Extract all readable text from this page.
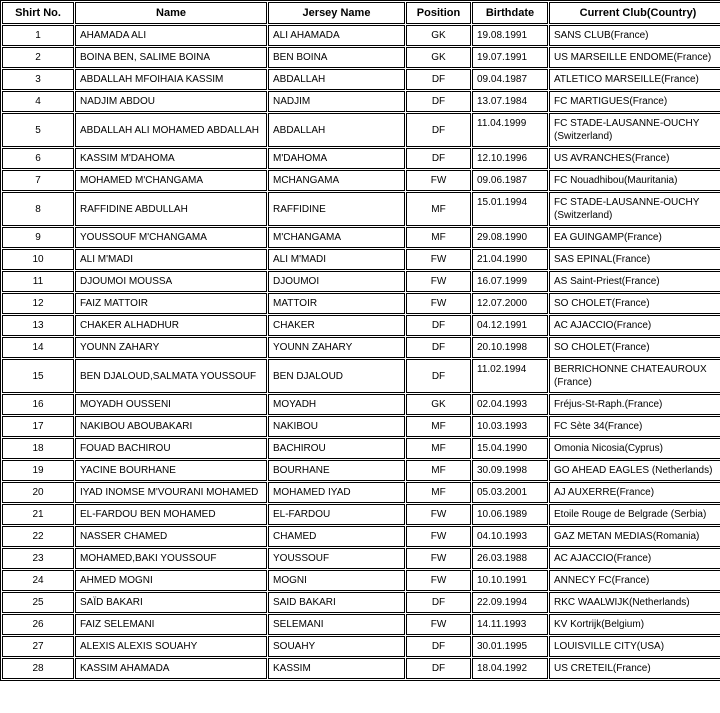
Shirt No.	Name	Jersey Name	Position	Birthdate	Current Club(Country)
1	AHAMADA ALI	ALI AHAMADA	GK	19.08.1991	SANS CLUB(France)
2	BOINA BEN, SALIME BOINA	BEN BOINA	GK	19.07.1991	US MARSEILLE ENDOME(France)
3	ABDALLAH MFOIHAIA KASSIM	ABDALLAH	DF	09.04.1987	ATLETICO MARSEILLE(France)
4	NADJIM ABDOU	NADJIM	DF	13.07.1984	FC MARTIGUES(France)
5	ABDALLAH ALI MOHAMED ABDALLAH	ABDALLAH	DF	11.04.1999	FC STADE-LAUSANNE-OUCHY (Switzerland)
6	KASSIM M'DAHOMA	M'DAHOMA	DF	12.10.1996	US AVRANCHES(France)
7	MOHAMED M'CHANGAMA	MCHANGAMA	FW	09.06.1987	FC Nouadhibou(Mauritania)
8	RAFFIDINE ABDULLAH	RAFFIDINE	MF	15.01.1994	FC STADE-LAUSANNE-OUCHY (Switzerland)
9	YOUSSOUF M'CHANGAMA	M'CHANGAMA	MF	29.08.1990	EA GUINGAMP(France)
10	ALI M'MADI	ALI M'MADI	FW	21.04.1990	SAS EPINAL(France)
11	DJOUMOI MOUSSA	DJOUMOI	FW	16.07.1999	AS Saint-Priest(France)
12	FAIZ MATTOIR	MATTOIR	FW	12.07.2000	SO CHOLET(France)
13	CHAKER ALHADHUR	CHAKER	DF	04.12.1991	AC AJACCIO(France)
14	YOUNN ZAHARY	YOUNN ZAHARY	DF	20.10.1998	SO CHOLET(France)
15	BEN DJALOUD,SALMATA YOUSSOUF	BEN DJALOUD	DF	11.02.1994	BERRICHONNE CHATEAUROUX (France)
16	MOYADH OUSSENI	MOYADH	GK	02.04.1993	Fréjus-St-Raph.(France)
17	NAKIBOU ABOUBAKARI	NAKIBOU	MF	10.03.1993	FC Sète 34(France)
18	FOUAD BACHIROU	BACHIROU	MF	15.04.1990	Omonia Nicosia(Cyprus)
19	YACINE BOURHANE	BOURHANE	MF	30.09.1998	GO AHEAD EAGLES (Netherlands)
20	IYAD INOMSE M'VOURANI MOHAMED	MOHAMED IYAD	MF	05.03.2001	AJ AUXERRE(France)
21	EL-FARDOU BEN MOHAMED	EL-FARDOU	FW	10.06.1989	Etoile Rouge de Belgrade (Serbia)
22	NASSER CHAMED	CHAMED	FW	04.10.1993	GAZ METAN MEDIAS(Romania)
23	MOHAMED,BAKI YOUSSOUF	YOUSSOUF	FW	26.03.1988	AC AJACCIO(France)
24	AHMED MOGNI	MOGNI	FW	10.10.1991	ANNECY FC(France)
25	SAÏD BAKARI	SAID BAKARI	DF	22.09.1994	RKC WAALWIJK(Netherlands)
26	FAIZ SELEMANI	SELEMANI	FW	14.11.1993	KV Kortrijk(Belgium)
27	ALEXIS ALEXIS SOUAHY	SOUAHY	DF	30.01.1995	LOUISVILLE CITY(USA)
28	KASSIM AHAMADA	KASSIM	DF	18.04.1992	US CRETEIL(France)
